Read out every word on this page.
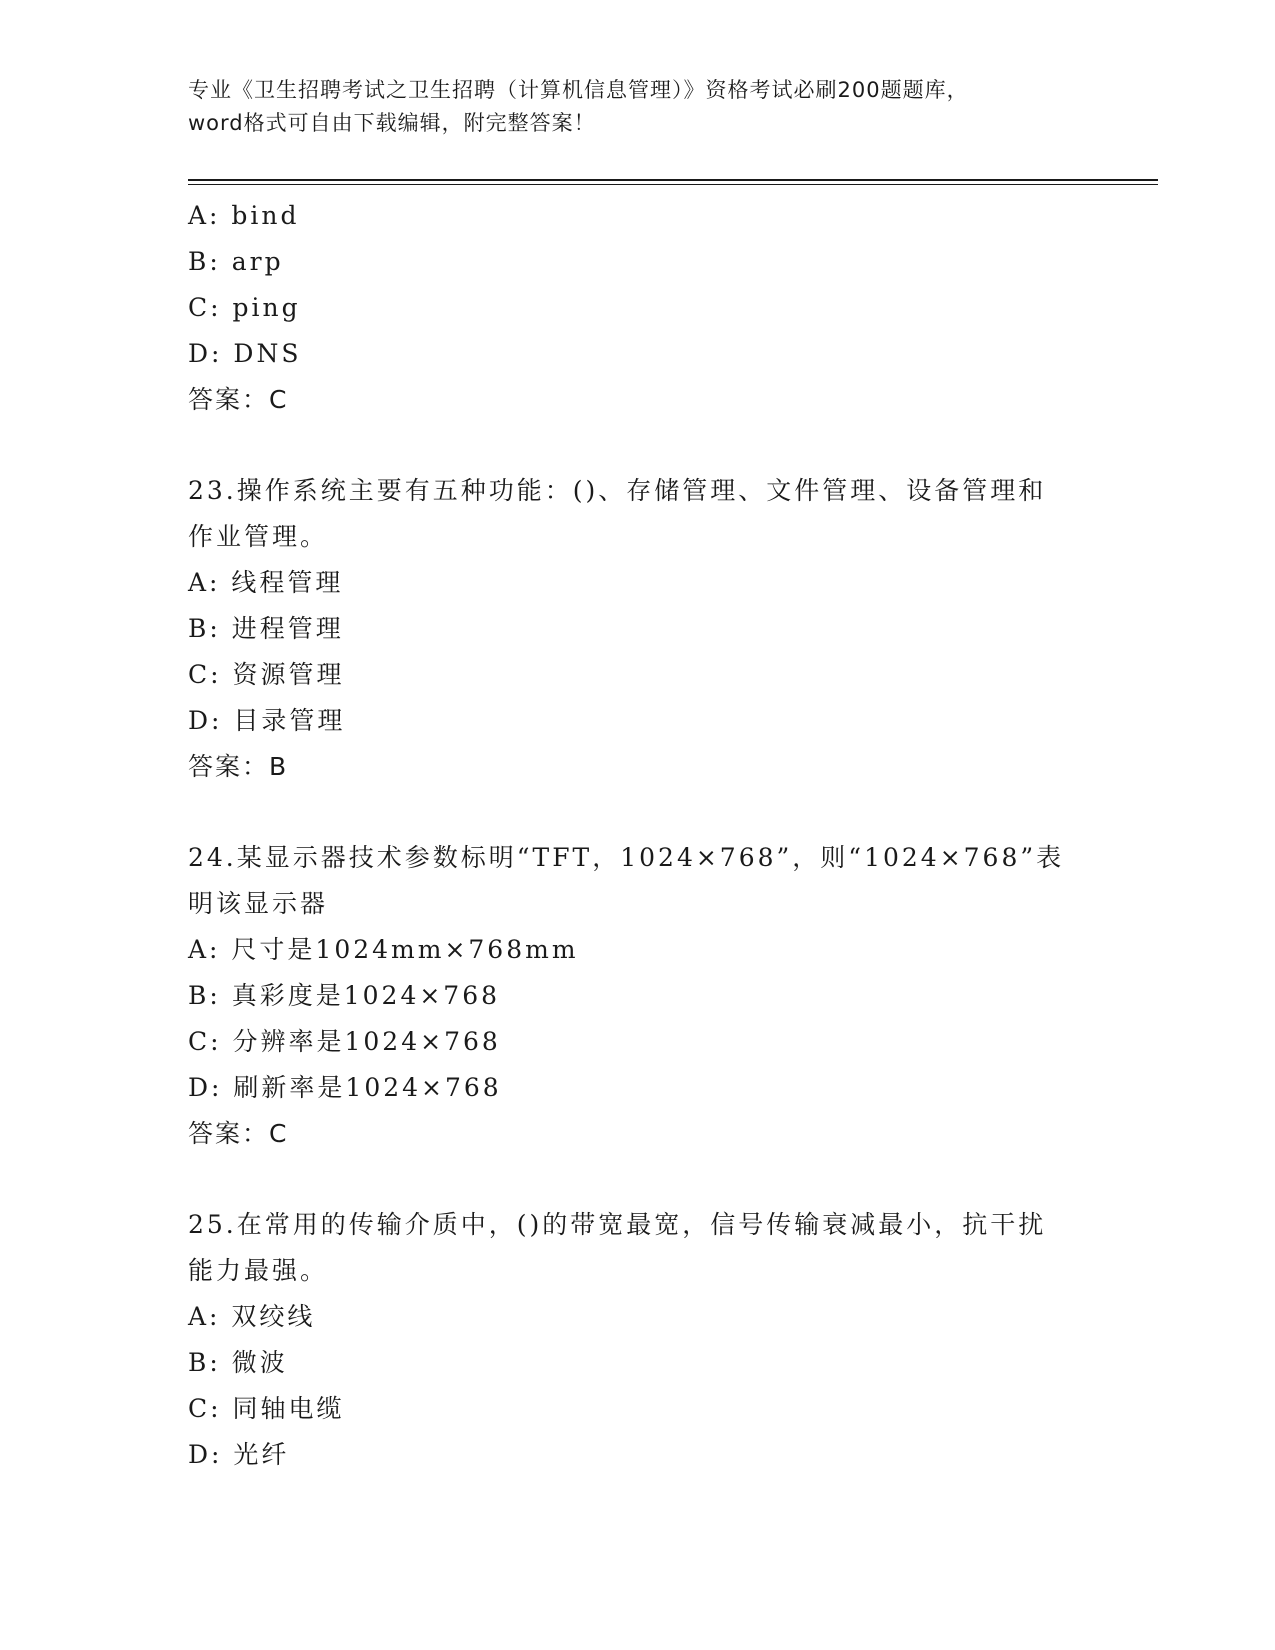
专业《卫生招聘考试之卫生招聘（计算机信息管理）》资格考试必刷200题题库，
word格式可自由下载编辑，附完整答案！
A: bind
B: arp
C: ping
D: DNS
答案：C
23.操作系统主要有五种功能：()、存储管理、文件管理、设备管理和
作业管理。
A: 线程管理
B: 进程管理
C: 资源管理
D: 目录管理
答案：B
24.某显示器技术参数标明“TFT，1024×768”，则“1024×768”表
明该显示器
A: 尺寸是1024mm×768mm
B: 真彩度是1024×768
C: 分辨率是1024×768
D: 刷新率是1024×768
答案：C
25.在常用的传输介质中，()的带宽最宽，信号传输衰减最小，抗干扰
能力最强。
A: 双绞线
B: 微波
C: 同轴电缆
D: 光纤
